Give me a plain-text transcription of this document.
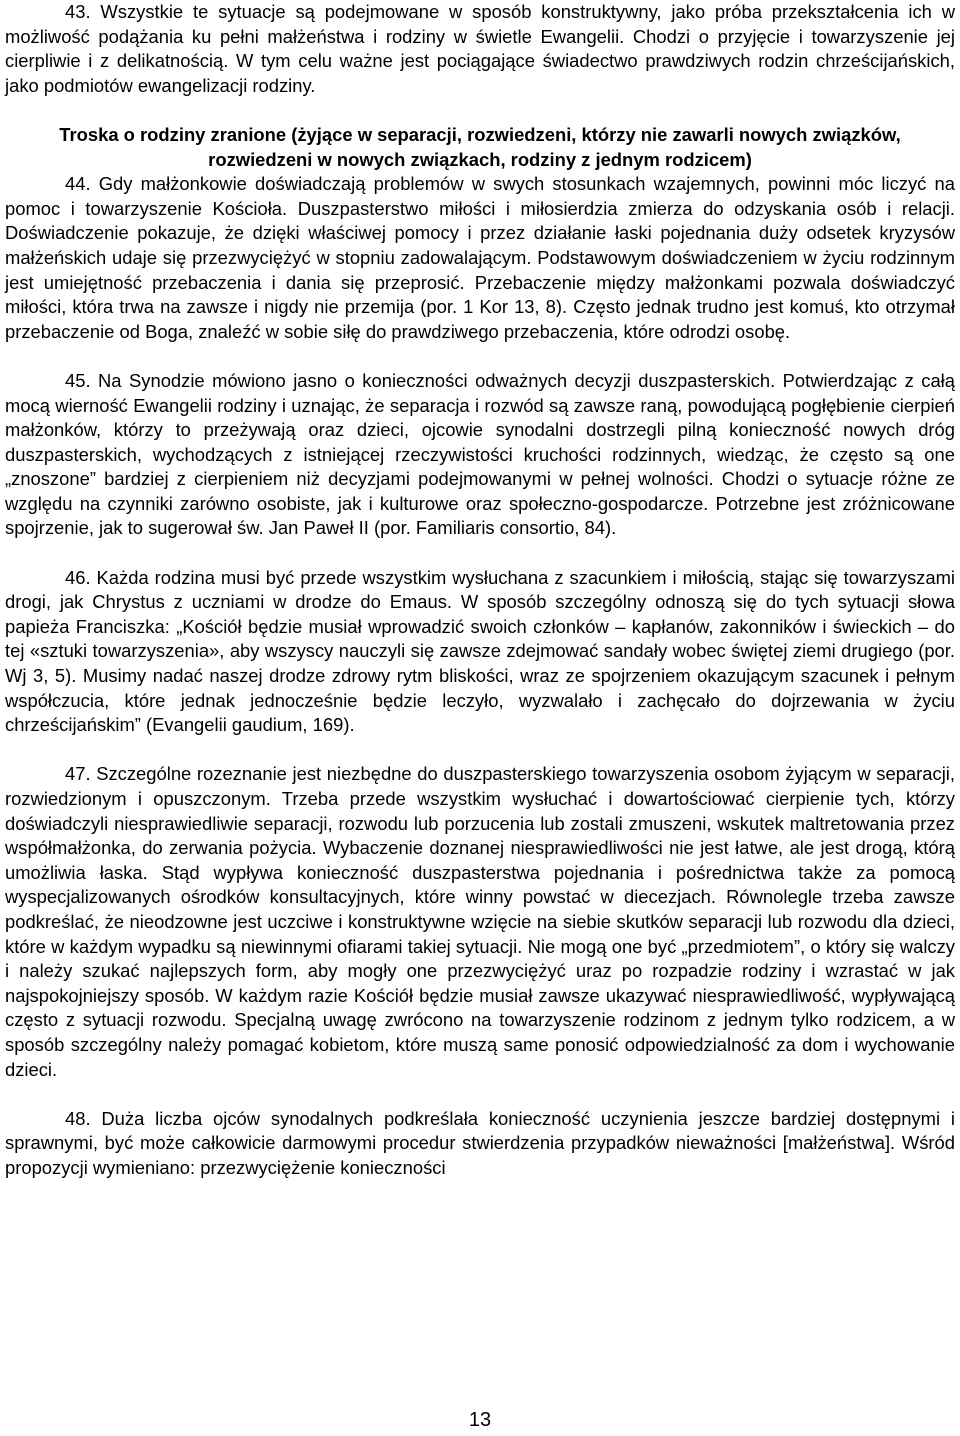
43. Wszystkie te sytuacje są podejmowane w sposób konstruktywny, jako próba przekształcenia ich w możliwość podążania ku pełni małżeństwa i rodziny w świetle Ewangelii. Chodzi o przyjęcie i towarzyszenie jej cierpliwie i z delikatnością. W tym celu ważne jest pociągające świadectwo prawdziwych rodzin chrześcijańskich, jako podmiotów ewangelizacji rodziny.

Troska o rodziny zranione (żyjące w separacji, rozwiedzeni, którzy nie zawarli nowych związków, rozwiedzeni w nowych związkach, rodziny z jednym rodzicem)

44. Gdy małżonkowie doświadczają problemów w swych stosunkach wzajemnych, powinni móc liczyć na pomoc i towarzyszenie Kościoła. Duszpasterstwo miłości i miłosierdzia zmierza do odzyskania osób i relacji. Doświadczenie pokazuje, że dzięki właściwej pomocy i przez działanie łaski pojednania duży odsetek kryzysów małżeńskich udaje się przezwyciężyć w stopniu zadowalającym. Podstawowym doświadczeniem w życiu rodzinnym jest umiejętność przebaczenia i dania się przeprosić. Przebaczenie między małżonkami pozwala doświadczyć miłości, która trwa na zawsze i nigdy nie przemija (por. 1 Kor 13, 8). Często jednak trudno jest komuś, kto otrzymał przebaczenie od Boga, znaleźć w sobie siłę do prawdziwego przebaczenia, które odrodzi osobę.

45. Na Synodzie mówiono jasno o konieczności odważnych decyzji duszpasterskich. Potwierdzając z całą mocą wierność Ewangelii rodziny i uznając, że separacja i rozwód są zawsze raną, powodującą pogłębienie cierpień małżonków, którzy to przeżywają oraz dzieci, ojcowie synodalni dostrzegli pilną konieczność nowych dróg duszpasterskich, wychodzących z istniejącej rzeczywistości kruchości rodzinnych, wiedząc, że często są one „znoszone” bardziej z cierpieniem niż decyzjami podejmowanymi w pełnej wolności. Chodzi o sytuacje różne ze względu na czynniki zarówno osobiste, jak i kulturowe oraz społeczno-gospodarcze. Potrzebne jest zróżnicowane spojrzenie, jak to sugerował św. Jan Paweł II (por. Familiaris consortio, 84).

46. Każda rodzina musi być przede wszystkim wysłuchana z szacunkiem i miłością, stając się towarzyszami drogi, jak Chrystus z uczniami w drodze do Emaus. W sposób szczególny odnoszą się do tych sytuacji słowa papieża Franciszka: „Kościół będzie musiał wprowadzić swoich członków – kapłanów, zakonników i świeckich – do tej «sztuki towarzyszenia», aby wszyscy nauczyli się zawsze zdejmować sandały wobec świętej ziemi drugiego (por. Wj 3, 5). Musimy nadać naszej drodze zdrowy rytm bliskości, wraz ze spojrzeniem okazującym szacunek i pełnym współczucia, które jednak jednocześnie będzie leczyło, wyzwalało i zachęcało do dojrzewania w życiu chrześcijańskim” (Evangelii gaudium, 169).

47. Szczególne rozeznanie jest niezbędne do duszpasterskiego towarzyszenia osobom żyjącym w separacji, rozwiedzionym i opuszczonym. Trzeba przede wszystkim wysłuchać i dowartościować cierpienie tych, którzy doświadczyli niesprawiedliwie separacji, rozwodu lub porzucenia lub zostali zmuszeni, wskutek maltretowania przez współmałżonka, do zerwania pożycia. Wybaczenie doznanej niesprawiedliwości nie jest łatwe, ale jest drogą, którą umożliwia łaska. Stąd wypływa konieczność duszpasterstwa pojednania i pośrednictwa także za pomocą wyspecjalizowanych ośrodków konsultacyjnych, które winny powstać w diecezjach. Równolegle trzeba zawsze podkreślać, że nieodzowne jest uczciwe i konstruktywne wzięcie na siebie skutków separacji lub rozwodu dla dzieci, które w każdym wypadku są niewinnymi ofiarami takiej sytuacji. Nie mogą one być „przedmiotem”, o który się walczy i należy szukać najlepszych form, aby mogły one przezwyciężyć uraz po rozpadzie rodziny i wzrastać w jak najspokojniejszy sposób. W każdym razie Kościół będzie musiał zawsze ukazywać niesprawiedliwość, wypływającą często z sytuacji rozwodu. Specjalną uwagę zwrócono na towarzyszenie rodzinom z jednym tylko rodzicem, a w sposób szczególny należy pomagać kobietom, które muszą same ponosić odpowiedzialność za dom i wychowanie dzieci.

48. Duża liczba ojców synodalnych podkreślała konieczność uczynienia jeszcze bardziej dostępnymi i sprawnymi, być może całkowicie darmowymi procedur stwierdzenia przypadków nieważności [małżeństwa]. Wśród propozycji wymieniano: przezwyciężenie konieczności

13
